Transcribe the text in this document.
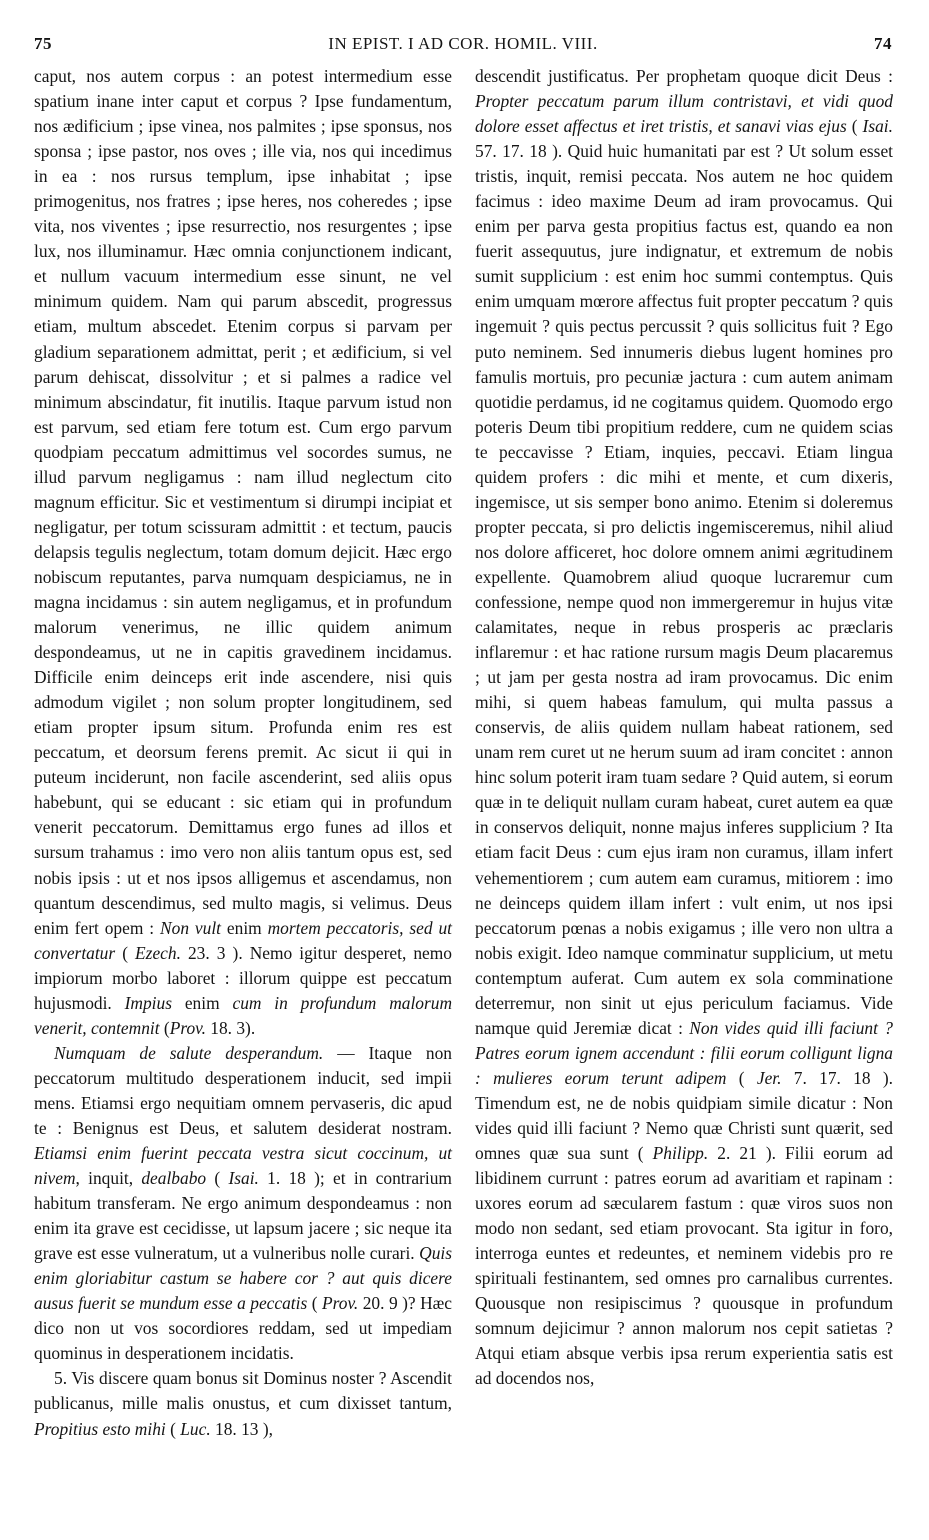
75	IN EPIST. I AD COR. HOMIL. VIII.	74

caput, nos autem corpus : an potest intermedium esse spatium inane inter caput et corpus ? Ipse fundamentum, nos ædificium ; ipse vinea, nos palmites ; ipse sponsus, nos sponsa ; ipse pastor, nos oves ; ille via, nos qui incedimus in ea : nos rursus templum, ipse inhabitat ; ipse primogenitus, nos fratres ; ipse heres, nos coheredes ; ipse vita, nos viventes ; ipse resurrectio, nos resurgentes ; ipse lux, nos illuminamur. Hæc omnia conjunctionem indicant, et nullum vacuum intermedium esse sinunt, ne vel minimum quidem. Nam qui parum abscedit, progressus etiam, multum abscedet. Etenim corpus si parvam per gladium separationem admittat, perit ; et ædificium, si vel parum dehiscat, dissolvitur ; et si palmes a radice vel minimum abscindatur, fit inutilis. Itaque parvum istud non est parvum, sed etiam fere totum est. Cum ergo parvum quodpiam peccatum admittimus vel socordes sumus, ne illud parvum negligamus : nam illud neglectum cito magnum efficitur. Sic et vestimentum si dirumpi incipiat et negligatur, per totum scissuram admittit : et tectum, paucis delapsis tegulis neglectum, totam domum dejicit. Hæc ergo nobiscum reputantes, parva numquam despiciamus, ne in magna incidamus : sin autem negligamus, et in profundum malorum venerimus, ne illic quidem animum despondeamus, ut ne in capitis gravedinem incidamus. Difficile enim deinceps erit inde ascendere, nisi quis admodum vigilet ; non solum propter longitudinem, sed etiam propter ipsum situm. Profunda enim res est peccatum, et deorsum ferens premit. Ac sicut ii qui in puteum inciderunt, non facile ascenderint, sed aliis opus habebunt, qui se educant : sic etiam qui in profundum venerit peccatorum. Demittamus ergo funes ad illos et sursum trahamus : imo vero non aliis tantum opus est, sed nobis ipsis : ut et nos ipsos alligemus et ascendamus, non quantum descendimus, sed multo magis, si velimus. Deus enim fert opem : Non vult enim mortem peccatoris, sed ut convertatur ( Ezech. 23. 3 ). Nemo igitur desperet, nemo impiorum morbo laboret : illorum quippe est peccatum hujusmodi. Impius enim cum in profundum malorum venerit, contemnit (Prov. 18. 3).

Numquam de salute desperandum. — Itaque non peccatorum multitudo desperationem inducit, sed impii mens. Etiamsi ergo nequitiam omnem pervaseris, dic apud te : Benignus est Deus, et salutem desiderat nostram. Etiamsi enim fuerint peccata vestra sicut coccinum, ut nivem, inquit, dealbabo ( Isai. 1. 18 ); et in contrarium habitum transferam. Ne ergo animum despondeamus : non enim ita grave est cecidisse, ut lapsum jacere ; sic neque ita grave est esse vulneratum, ut a vulneribus nolle curari. Quis enim gloriabitur castum se habere cor ? aut quis dicere ausus fuerit se mundum esse a peccatis ( Prov. 20. 9 )? Hæc dico non ut vos socordiores reddam, sed ut impediam quominus in desperationem incidatis.

5. Vis discere quam bonus sit Dominus noster ? Ascendit publicanus, mille malis onustus, et cum dixisset tantum, Propitius esto mihi ( Luc. 18. 13 ),

descendit justificatus. Per prophetam quoque dicit Deus : Propter peccatum parum illum contristavi, et vidi quod dolore esset affectus et iret tristis, et sanavi vias ejus ( Isai. 57. 17. 18 ). Quid huic humanitati par est ? Ut solum esset tristis, inquit, remisi peccata. Nos autem ne hoc quidem facimus : ideo maxime Deum ad iram provocamus. Qui enim per parva gesta propitius factus est, quando ea non fuerit assequutus, jure indignatur, et extremum de nobis sumit supplicium : est enim hoc summi contemptus. Quis enim umquam mœrore affectus fuit propter peccatum ? quis ingemuit ? quis pectus percussit ? quis sollicitus fuit ? Ego puto neminem. Sed innumeris diebus lugent homines pro famulis mortuis, pro pecuniæ jactura : cum autem animam quotidie perdamus, id ne cogitamus quidem. Quomodo ergo poteris Deum tibi propitium reddere, cum ne quidem scias te peccavisse ? Etiam, inquies, peccavi. Etiam lingua quidem profers : dic mihi et mente, et cum dixeris, ingemisce, ut sis semper bono animo. Etenim si doleremus propter peccata, si pro delictis ingemisceremus, nihil aliud nos dolore afficeret, hoc dolore omnem animi ægritudinem expellente. Quamobrem aliud quoque lucraremur cum confessione, nempe quod non immergeremur in hujus vitæ calamitates, neque in rebus prosperis ac præclaris inflaremur : et hac ratione rursum magis Deum placaremus ; ut jam per gesta nostra ad iram provocamus. Dic enim mihi, si quem habeas famulum, qui multa passus a conservis, de aliis quidem nullam habeat rationem, sed unam rem curet ut ne herum suum ad iram concitet : annon hinc solum poterit iram tuam sedare ? Quid autem, si eorum quæ in te deliquit nullam curam habeat, curet autem ea quæ in conservos deliquit, nonne majus inferes supplicium ? Ita etiam facit Deus : cum ejus iram non curamus, illam infert vehementiorem ; cum autem eam curamus, mitiorem : imo ne deinceps quidem illam infert : vult enim, ut nos ipsi peccatorum pœnas a nobis exigamus ; ille vero non ultra a nobis exigit. Ideo namque comminatur supplicium, ut metu contemptum auferat. Cum autem ex sola comminatione deterremur, non sinit ut ejus periculum faciamus. Vide namque quid Jeremiæ dicat : Non vides quid illi faciunt ? Patres eorum ignem accendunt : filii eorum colligunt ligna : mulieres eorum terunt adipem ( Jer. 7. 17. 18 ). Timendum est, ne de nobis quidpiam simile dicatur : Non vides quid illi faciunt ? Nemo quæ Christi sunt quærit, sed omnes quæ sua sunt ( Philipp. 2. 21 ). Filii eorum ad libidinem currunt : patres eorum ad avaritiam et rapinam : uxores eorum ad sæcularem fastum : quæ viros suos non modo non sedant, sed etiam provocant. Sta igitur in foro, interroga euntes et redeuntes, et neminem videbis pro re spirituali festinantem, sed omnes pro carnalibus currentes. Quousque non resipiscimus ? quousque in profundum somnum dejicimur ? annon malorum nos cepit satietas ? Atqui etiam absque verbis ipsa rerum experientia satis est ad docendos nos,
